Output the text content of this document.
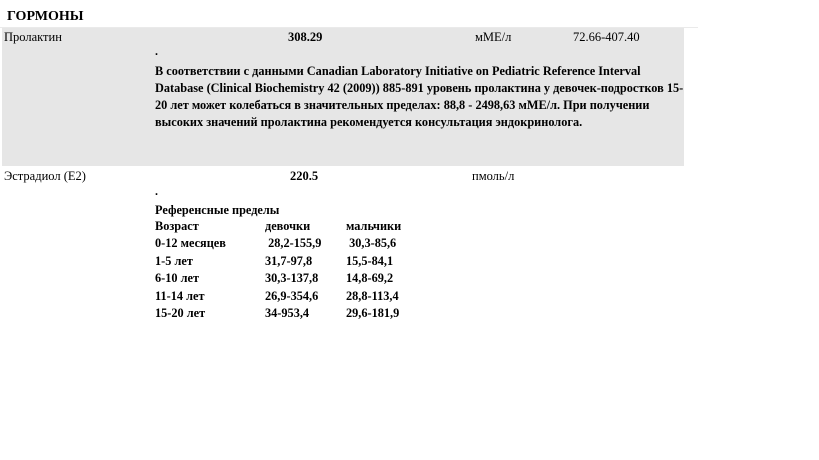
ГОРМОНЫ
Пролактин	308.29	мМЕ/л	72.66-407.40
.
В соответствии с данными Canadian Laboratory Initiative on Pediatric Reference Interval Database (Clinical Biochemistry 42 (2009)) 885-891 уровень пролактина у девочек-подростков 15-20 лет может колебаться в значительных пределах: 88,8 - 2498,63 мМЕ/л. При получении высоких значений пролактина рекомендуется консультация эндокринолога.
Эстрадиол (Е2)	220.5	пмоль/л
.
Референсные пределы
Возраст	девочки	мальчики
0-12 месяцев	28,2-155,9	30,3-85,6
1-5 лет	31,7-97,8	15,5-84,1
6-10 лет	30,3-137,8	14,8-69,2
11-14 лет	26,9-354,6	28,8-113,4
15-20 лет	34-953,4	29,6-181,9
